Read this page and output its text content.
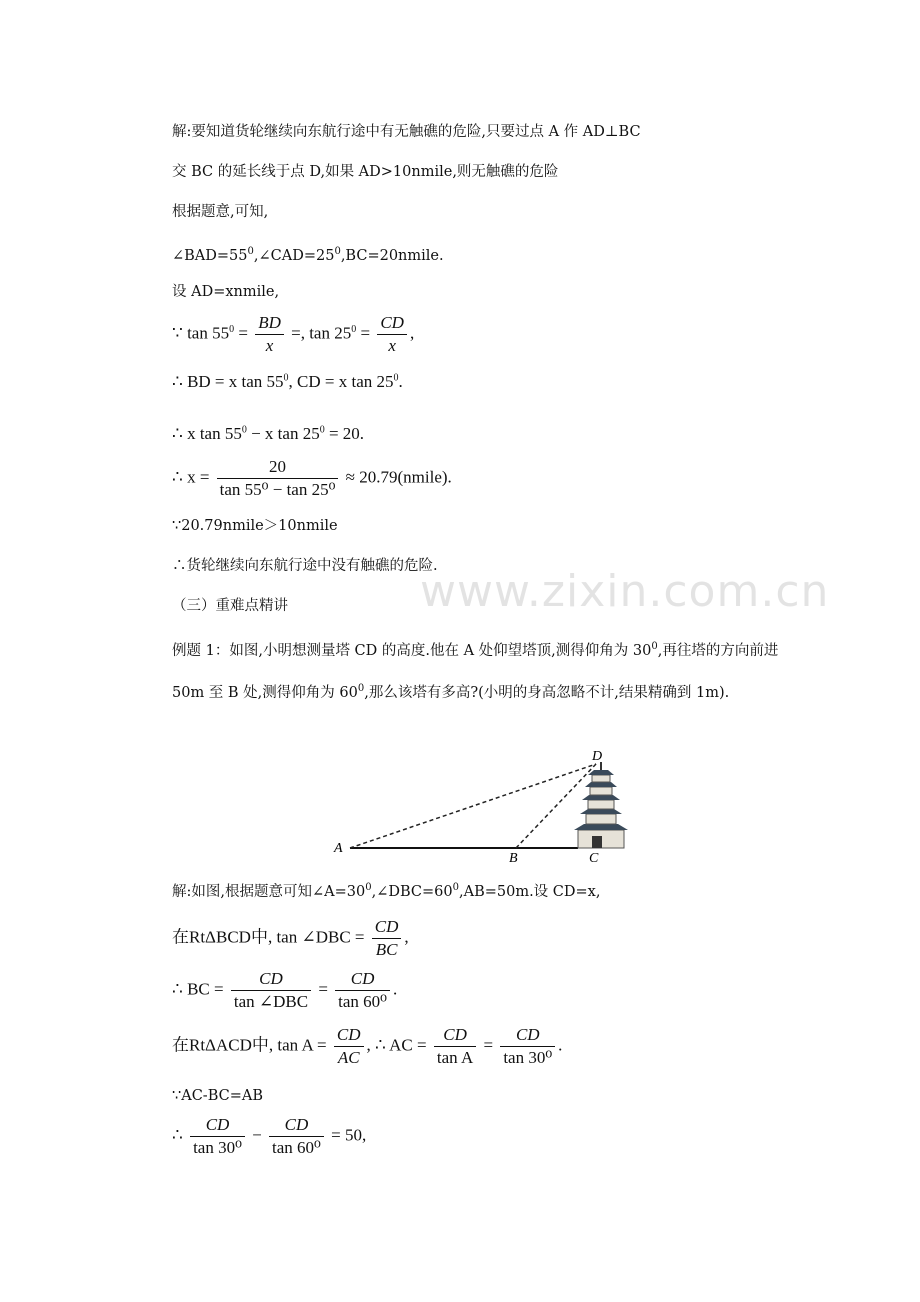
解:要知道货轮继续向东航行途中有无触礁的危险,只要过点 A 作 AD⊥BC
交 BC 的延长线于点 D,如果 AD>10nmile,则无触礁的危险
根据题意,可知,
$\angle BAD=55^0,\angle CAD=25^0,BC=20nmile$.
设 AD=xnmile,
∵ $\tan 55^0 = \frac{BD}{x}$ =, $\tan 25^0 = \frac{CD}{x}$ ,
∴ BD = x $\tan 55^0$, CD = x $\tan 25^0$.
∴ x $\tan 55^0 - x$ $\tan 25^0 = 20$.
∴ $x = \frac{20}{\text{tan 55⁰ − tan 25⁰}}$ ≈ 20.79(nmile).
∵20.79nmile＞10nmile
∴货轮继续向东航行途中没有触礁的危险.
（三）重难点精讲	www.zixin.com.cn
例题 1：如图,小明想测量塔 CD 的高度.他在 A 处仰望塔顶,测得仰角为 $30^0$,再往塔的方向前进 50m 至 B 处,测得仰角为 $60^0$,那么该塔有多高?(小明的身高忽略不计,结果精确到 1m).
A
B	C
D
解:如图,根据题意可知$\angle A=30^0,\angle DBC=60^0,AB=50m$.设 CD=x,
在RtΔBCD中, tan ∠DBC = $\frac{CD}{BC}$ ,
∴ BC = $\frac{CD}{\text{tan ∠DBC}} = \frac{CD}{\text{tan 60⁰}}$ .
在RtΔACD中, $\tan A = \frac{CD}{AC}$ , ∴ AC = $\frac{CD}{\text{tan A}} = \frac{CD}{\text{tan 30⁰}}$ .
∵AC-BC=AB
∴ $\frac{CD}{\text{tan 30⁰}} - \frac{CD}{\text{tan 60⁰}} = 50$,
